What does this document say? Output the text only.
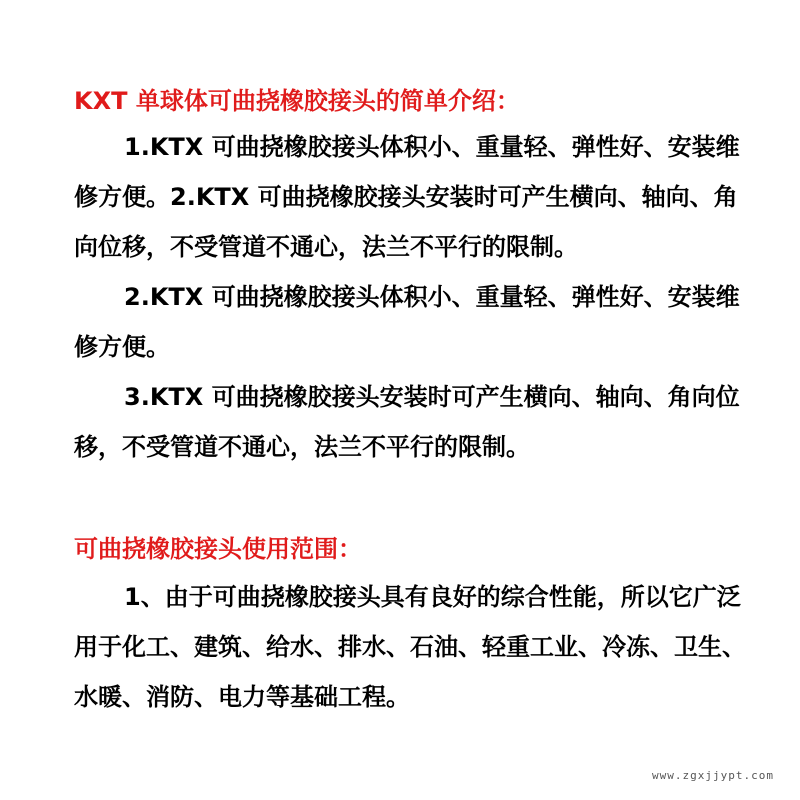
KXT 单球体可曲挠橡胶接头的简单介绍：

1.KTX 可曲挠橡胶接头体积小、重量轻、弹性好、安装维修方便。2.KTX 可曲挠橡胶接头安装时可产生横向、轴向、角向位移，不受管道不通心，法兰不平行的限制。

2.KTX 可曲挠橡胶接头体积小、重量轻、弹性好、安装维修方便。

3.KTX 可曲挠橡胶接头安装时可产生横向、轴向、角向位移，不受管道不通心，法兰不平行的限制。

可曲挠橡胶接头使用范围：

1、由于可曲挠橡胶接头具有良好的综合性能，所以它广泛用于化工、建筑、给水、排水、石油、轻重工业、冷冻、卫生、水暖、消防、电力等基础工程。

www.zgxjjypt.com
